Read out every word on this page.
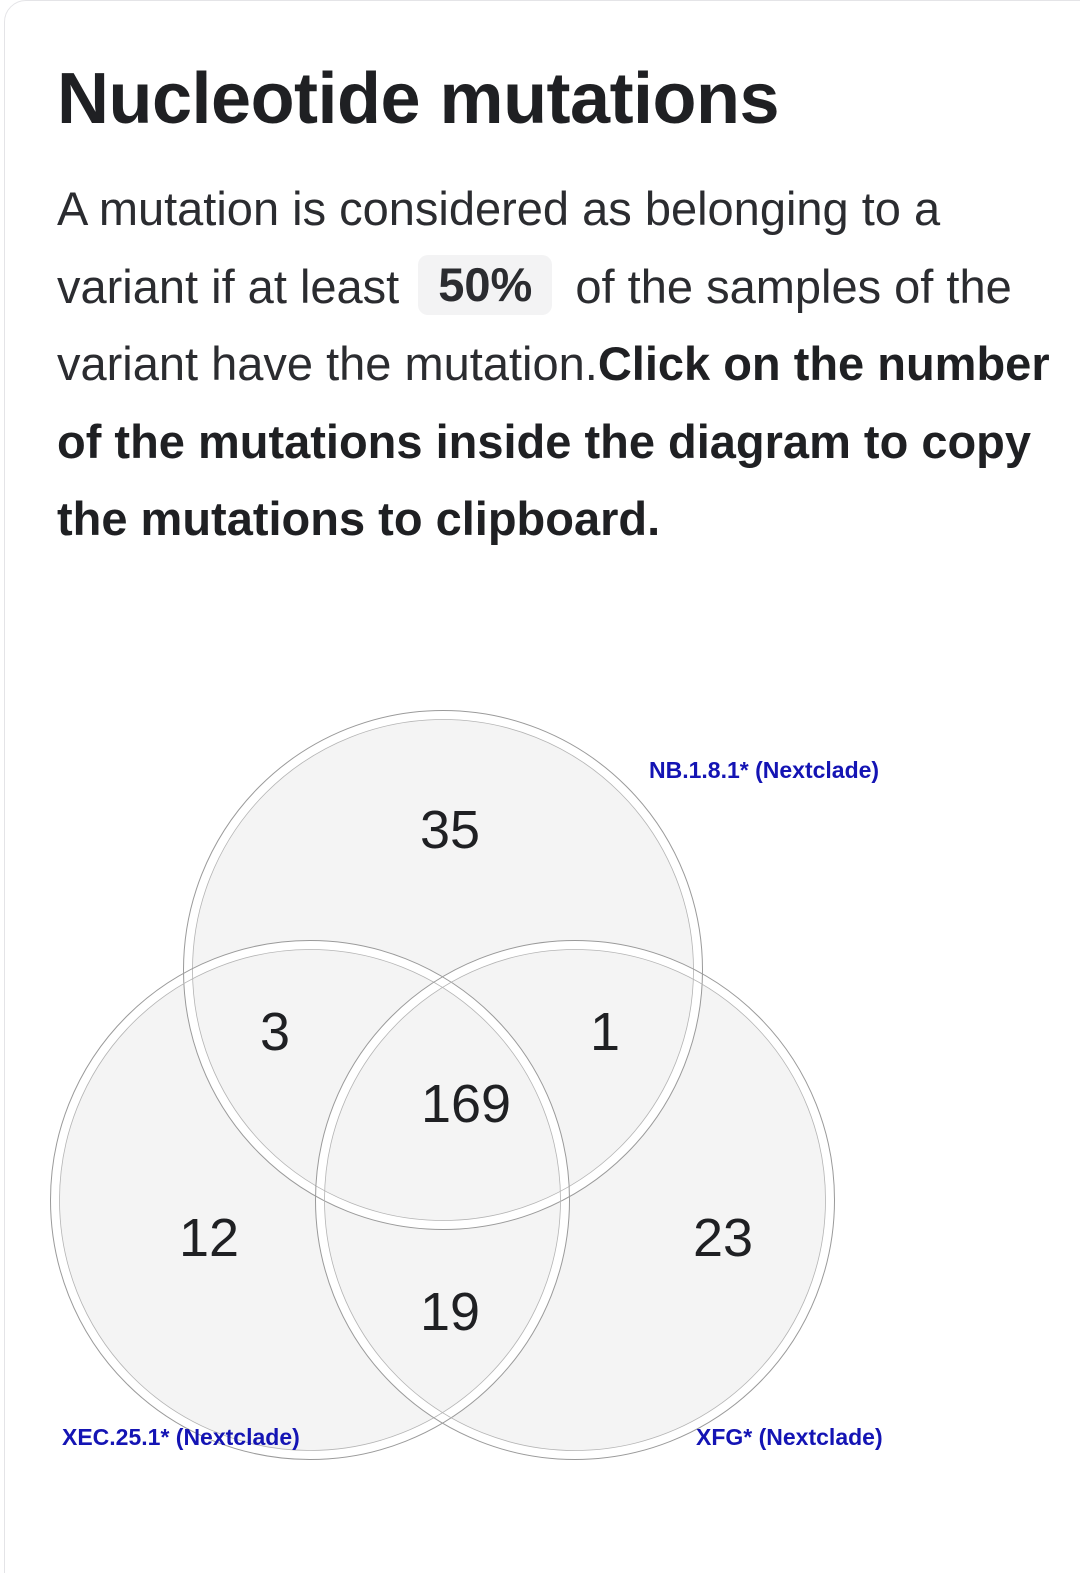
Nucleotide mutations

A mutation is considered as belonging to a variant if at least 50% of the samples of the variant have the mutation.Click on the number of the mutations inside the diagram to copy the mutations to clipboard.

35
3	1
169
12	23
19
NB.1.8.1* (Nextclade)
XEC.25.1* (Nextclade)	XFG* (Nextclade)
